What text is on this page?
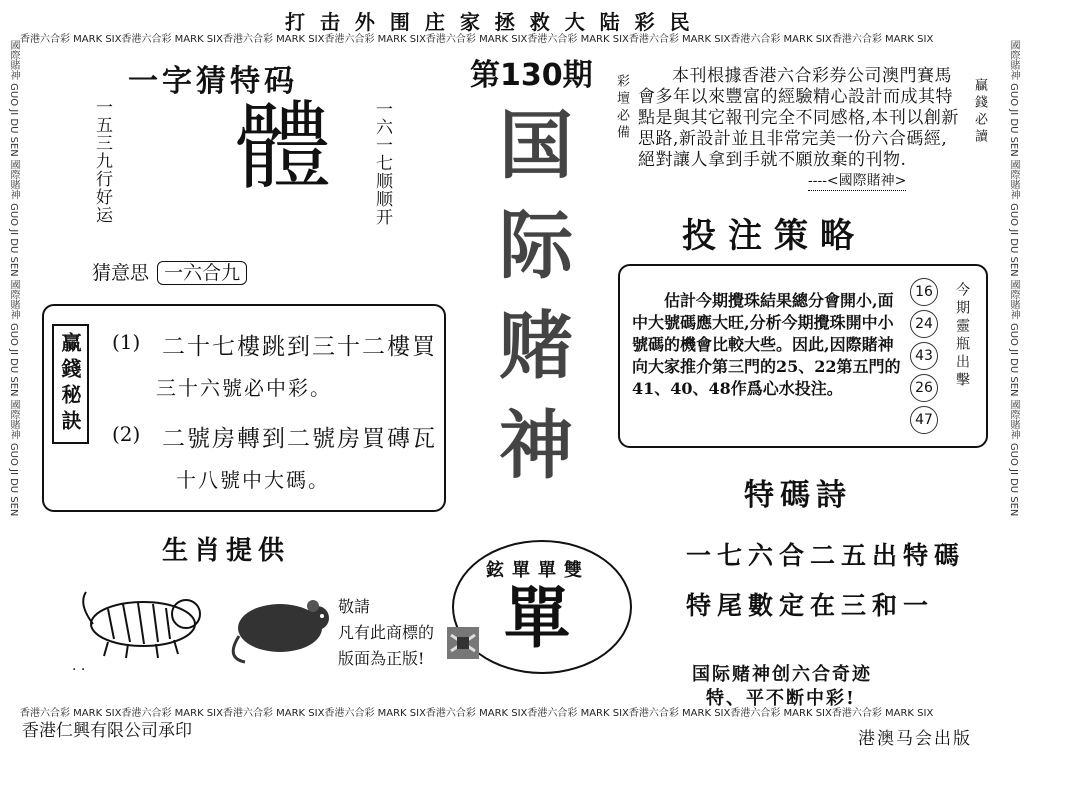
打 击 外 围 庄 家 拯 救 大 陆 彩 民
香港六合彩 MARK SIX香港六合彩 MARK SIX香港六合彩 MARK SIX香港六合彩 MARK SIX香港六合彩 MARK SIX香港六合彩 MARK SIX香港六合彩 MARK SIX香港六合彩 MARK SIX香港六合彩 MARK SIX
香港六合彩 MARK SIX香港六合彩 MARK SIX香港六合彩 MARK SIX香港六合彩 MARK SIX香港六合彩 MARK SIX香港六合彩 MARK SIX香港六合彩 MARK SIX香港六合彩 MARK SIX香港六合彩 MARK SIX
國際賭神 GUO JI DU SEN 國際賭神 GUO JI DU SEN 國際賭神 GUO JI DU SEN 國際賭神 GUO JI DU SEN	國際賭神 GUO JI DU SEN 國際賭神 GUO JI DU SEN 國際賭神 GUO JI DU SEN 國際賭神 GUO JI DU SEN
一字猜特码
一五三九行好运 體 一六一七顺顺开
猜意思 一六合九
赢錢秘訣	(1) 二十七樓跳到三十二樓買
三十六號必中彩。
(2) 二號房轉到二號房買磚瓦
十八號中大碼。
生肖提供
敬請
凡有此商標的
版面為正版!
· ·
香港仁興有限公司承印
第130期
国
际
赌
神
鉉單單雙
單
彩壇必備	贏錢必讀
本刊根據香港六合彩券公司澳門賽馬會多年以來豐富的經驗精心設計而成其特點是與其它報刊完全不同感格,本刊以創新思路,新設計並且非常完美一份六合碼經,絕對讓人拿到手就不願放棄的刊物.
----<國際賭神>
投注策略
估計今期攪珠結果總分會開小,面中大號碼應大旺,分析今期攪珠開中小號碼的機會比較大些。因此,因際賭神向大家推介第三門的25、22第五門的41、40、48作爲心水投注。
16
24
43
26
47
今期靈瓶出擊
特碼詩
一七六合二五出特碼
特尾數定在三和一
国际赌神创六合奇迹
特、平不断中彩!
港澳马会出版
